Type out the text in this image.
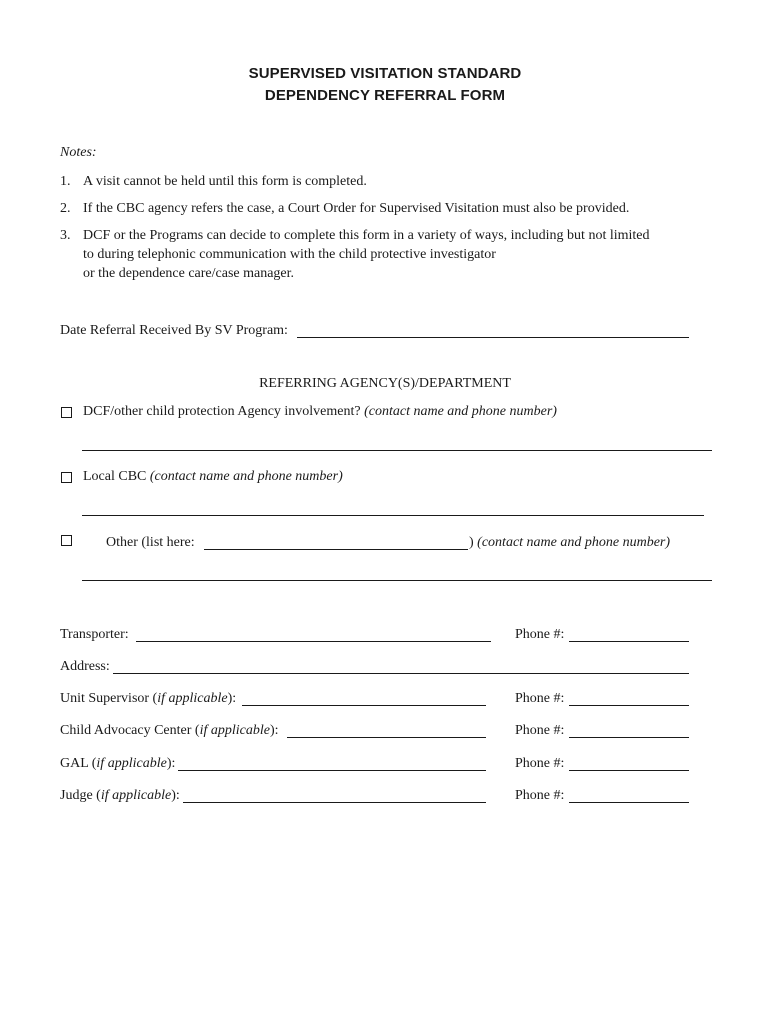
SUPERVISED VISITATION STANDARD
DEPENDENCY REFERRAL FORM
Notes:
1. A visit cannot be held until this form is completed.
2. If the CBC agency refers the case, a Court Order for Supervised Visitation must also be provided.
3. DCF or the Programs can decide to complete this form in a variety of ways, including but not limited
to during telephonic communication with the child protective investigator
or the dependence care/case manager.
Date Referral Received By SV Program:
REFERRING AGENCY(S)/DEPARTMENT
DCF/other child protection Agency involvement? (contact name and phone number)
Local CBC (contact name and phone number)
Other (list here:	) (contact name and phone number)
Transporter:	Phone #:
Address:
Unit Supervisor (if applicable):	Phone #:
Child Advocacy Center (if applicable):	Phone #:
GAL (if applicable):	Phone #:
Judge (if applicable):	Phone #:
